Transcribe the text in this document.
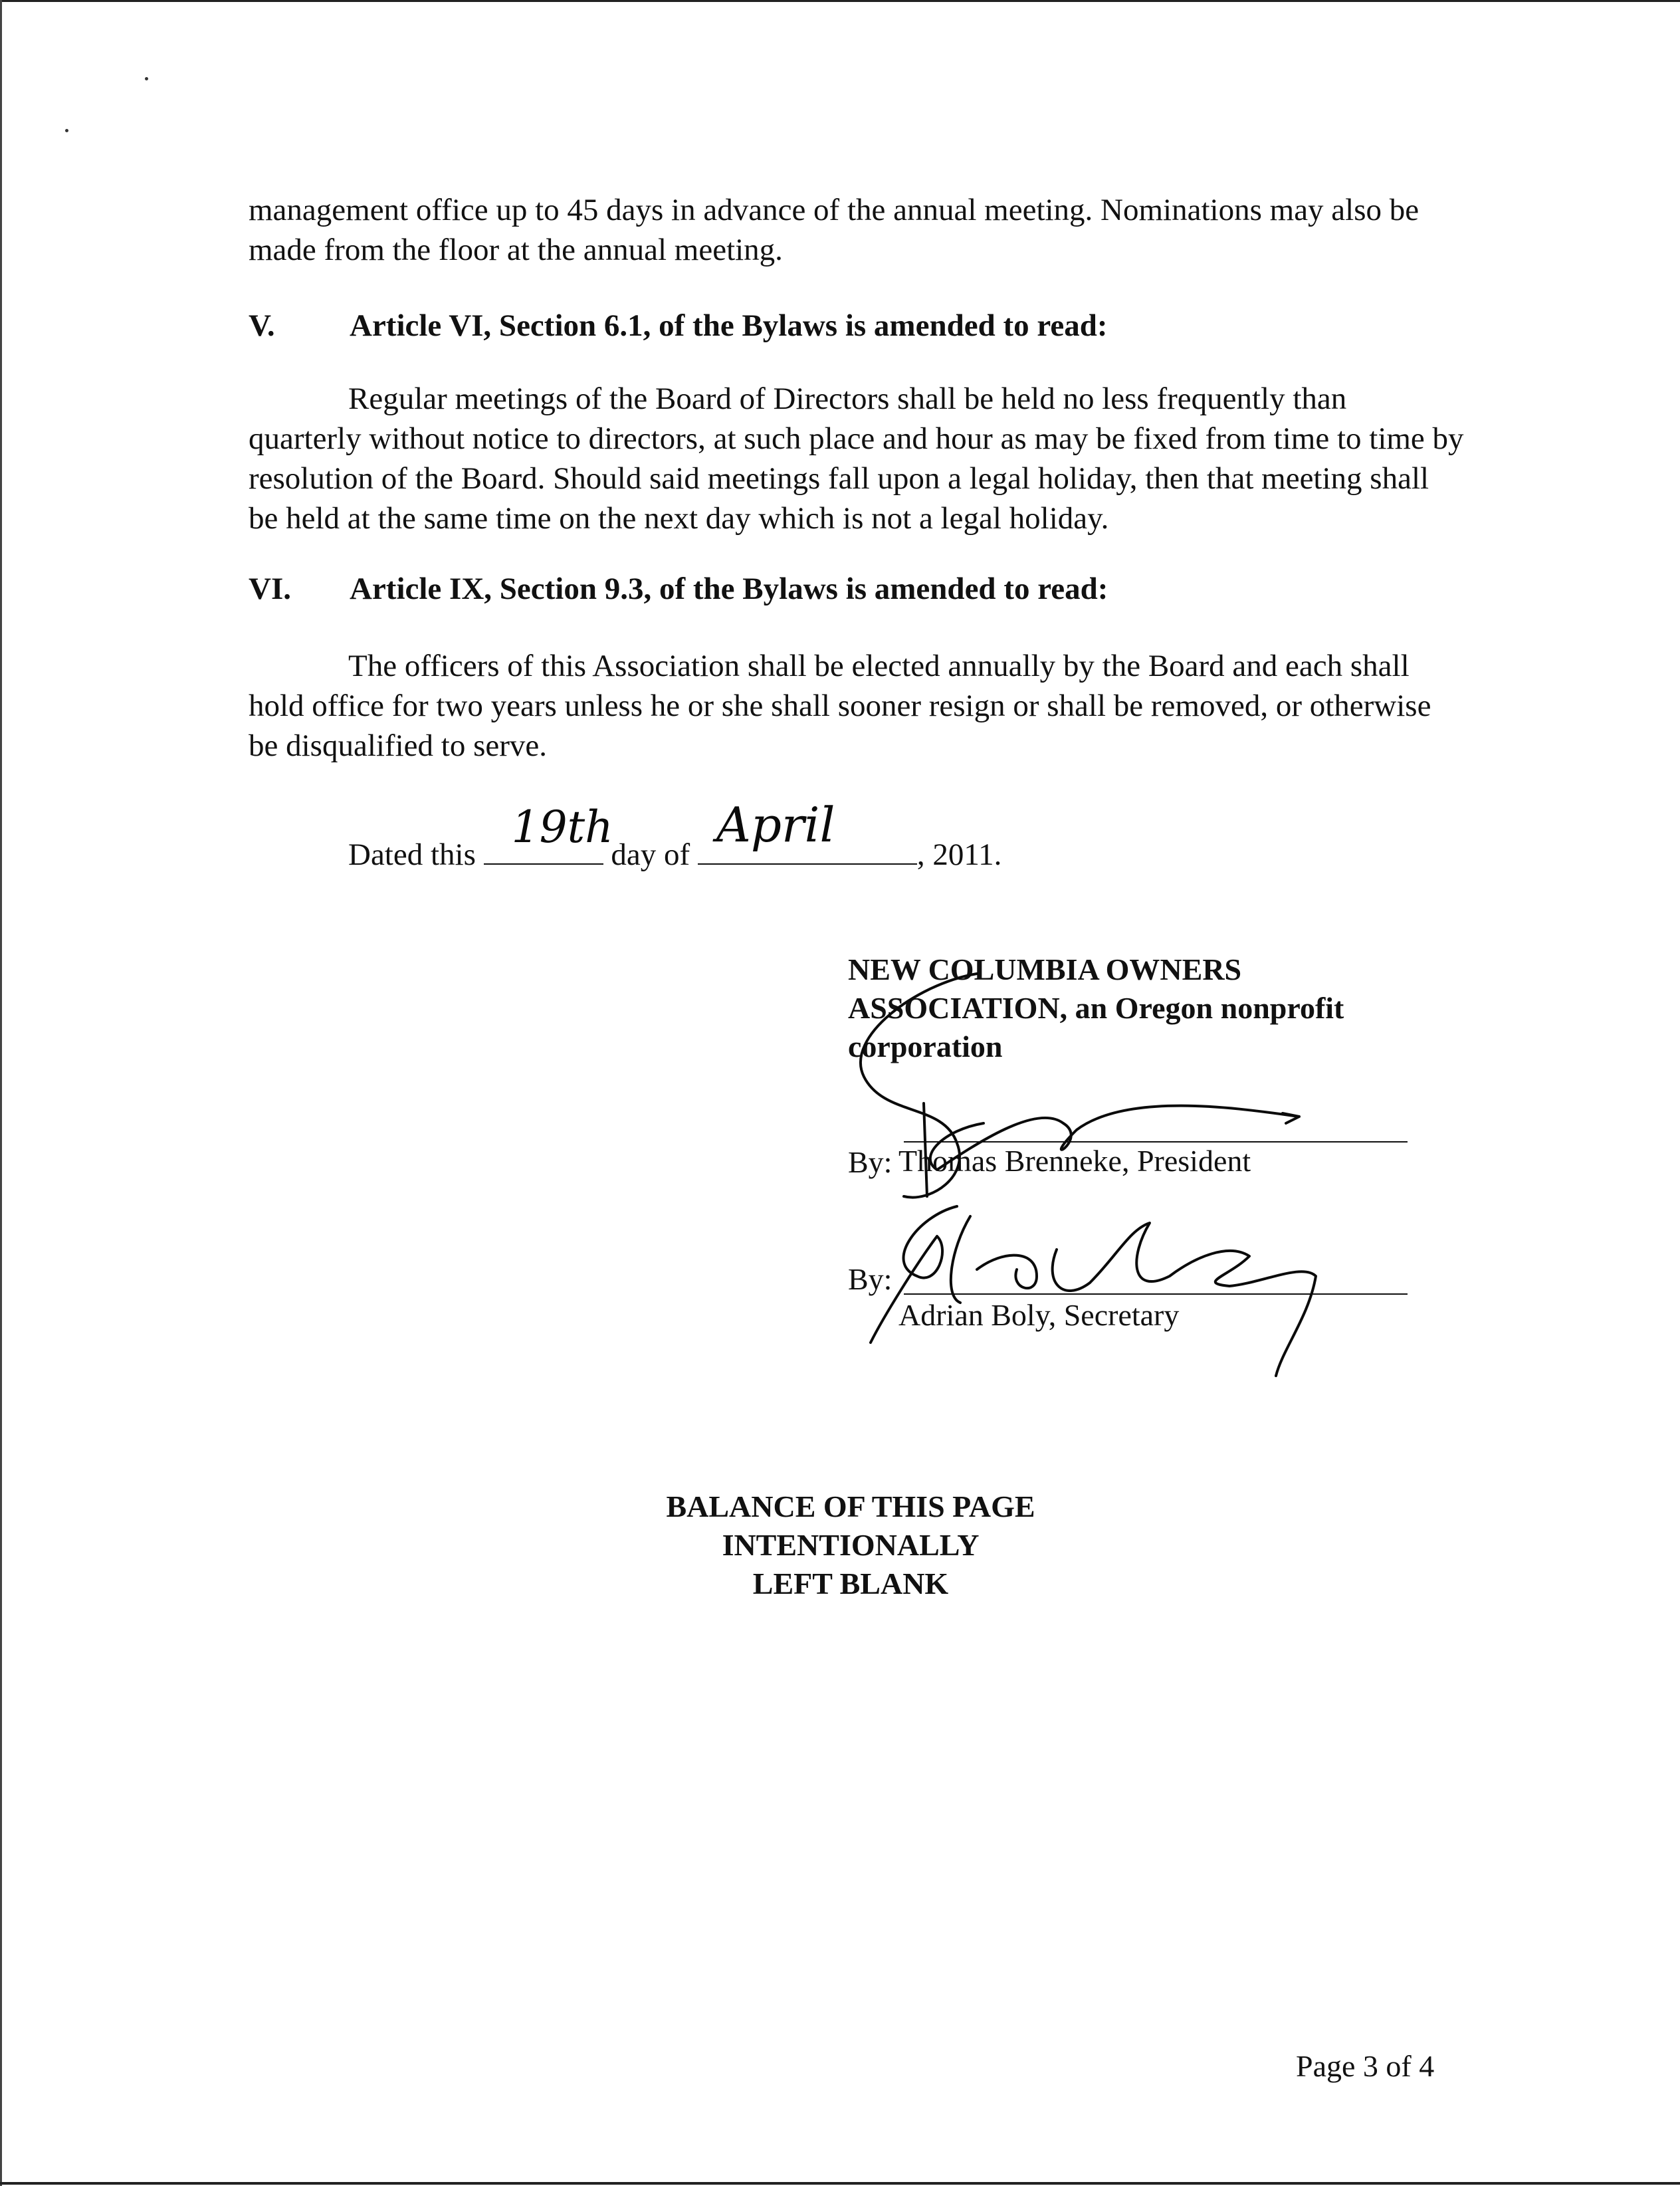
management office up to 45 days in advance of the annual meeting. Nominations may also be made from the floor at the annual meeting.

V. Article VI, Section 6.1, of the Bylaws is amended to read:

Regular meetings of the Board of Directors shall be held no less frequently than quarterly without notice to directors, at such place and hour as may be fixed from time to time by resolution of the Board. Should said meetings fall upon a legal holiday, then that meeting shall be held at the same time on the next day which is not a legal holiday.

VI. Article IX, Section 9.3, of the Bylaws is amended to read:

The officers of this Association shall be elected annually by the Board and each shall hold office for two years unless he or she shall sooner resign or shall be removed, or otherwise be disqualified to serve.

Dated this
19th
day of
April
, 2011.
NEW COLUMBIA OWNERS ASSOCIATION, an Oregon nonprofit corporation
By: Thomas Brenneke, President
By:
Adrian Boly, Secretary
BALANCE OF THIS PAGE
INTENTIONALLY
LEFT BLANK
Page 3 of 4
